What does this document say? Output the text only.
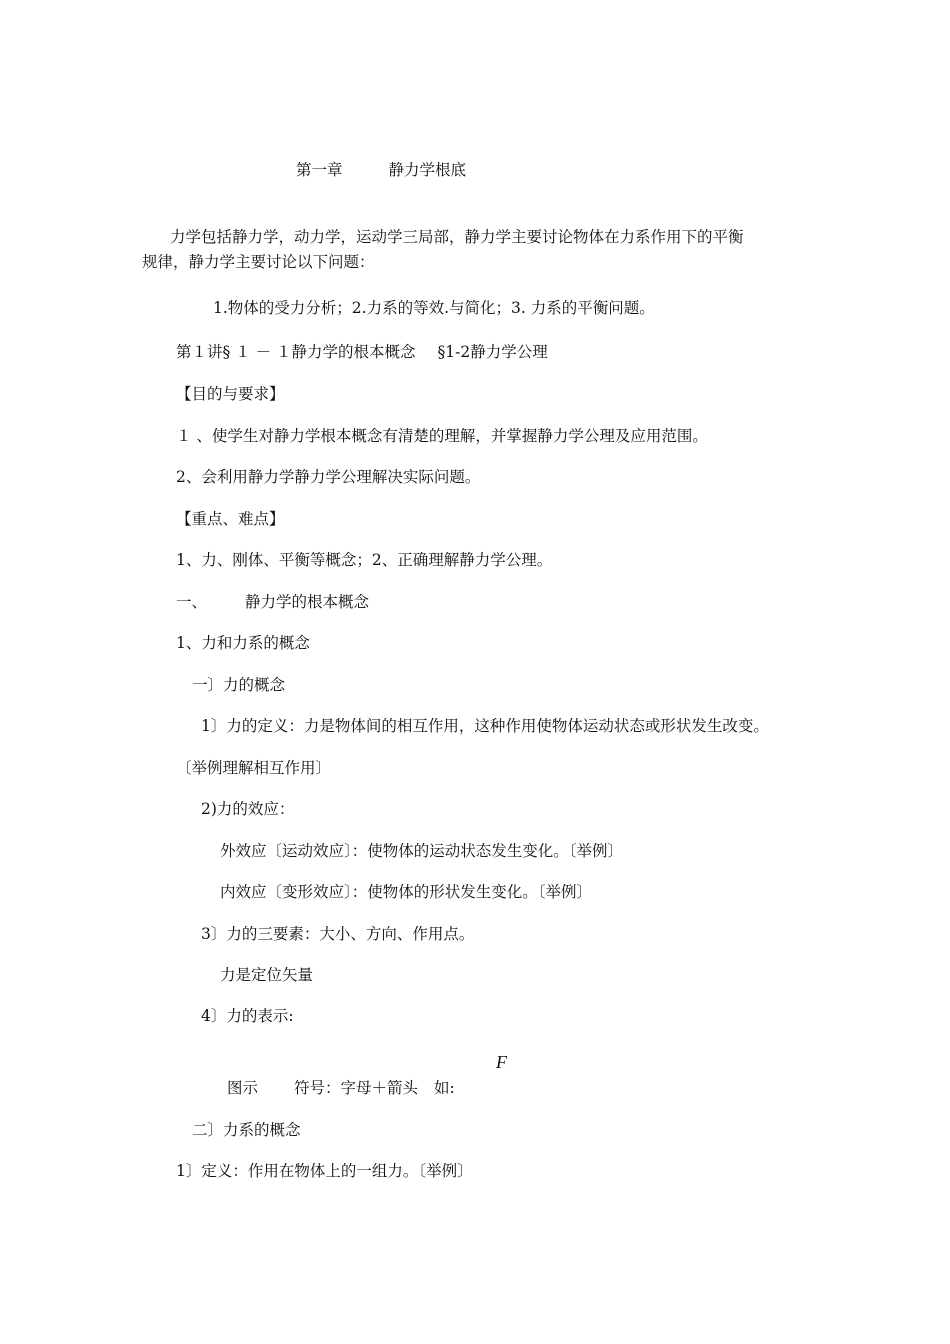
第一章	静力学根底
力学包括静力学，动力学，运动学三局部，静力学主要讨论物体在力系作用下的平衡
规律，静力学主要讨论以下问题：
1.物体的受力分析；2.力系的等效.与简化；3. 力系的平衡问题。
第１讲§ １ － １静力学的根本概念 §1-2静力学公理
【目的与要求】
１ 、使学生对静力学根本概念有清楚的理解，并掌握静力学公理及应用范围。
2、会利用静力学静力学公理解决实际问题。
【重点、难点】
1、力、刚体、平衡等概念；2、正确理解静力学公理。
一、 静力学的根本概念
1、力和力系的概念
一〕力的概念
1〕力的定义：力是物体间的相互作用，这种作用使物体运动状态或形状发生改变。
〔举例理解相互作用〕
2)力的效应：
外效应〔运动效应〕：使物体的运动状态发生变化。〔举例〕
内效应〔变形效应〕：使物体的形状发生变化。〔举例〕
3〕力的三要素：大小、方向、作用点。
力是定位矢量
4〕力的表示:
F
图示 符号：字母＋箭头 如:
二〕力系的概念
1〕定义：作用在物体上的一组力。〔举例〕
